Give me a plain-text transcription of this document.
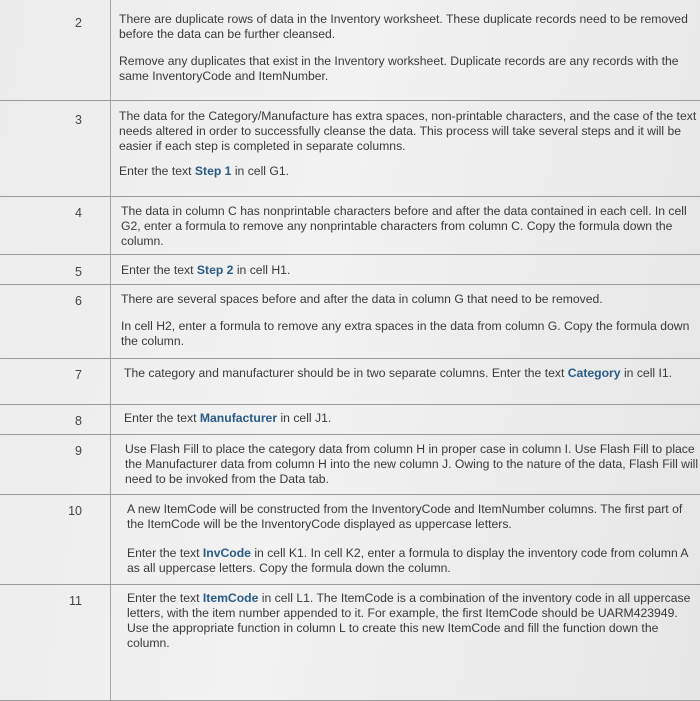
2	There are duplicate rows of data in the Inventory worksheet. These duplicate records need to be removed before the data can be further cleansed.

Remove any duplicates that exist in the Inventory worksheet. Duplicate records are any records with the same InventoryCode and ItemNumber.

3	The data for the Category/Manufacture has extra spaces, non-printable characters, and the case of the text needs altered in order to successfully cleanse the data. This process will take several steps and it will be easier if each step is completed in separate columns.

Enter the text Step 1 in cell G1.

4	The data in column C has nonprintable characters before and after the data contained in each cell. In cell G2, enter a formula to remove any nonprintable characters from column C. Copy the formula down the column.

5	Enter the text Step 2 in cell H1.

6	There are several spaces before and after the data in column G that need to be removed.

In cell H2, enter a formula to remove any extra spaces in the data from column G. Copy the formula down the column.

7	The category and manufacturer should be in two separate columns. Enter the text Category in cell I1.

8	Enter the text Manufacturer in cell J1.

9	Use Flash Fill to place the category data from column H in proper case in column I. Use Flash Fill to place the Manufacturer data from column H into the new column J. Owing to the nature of the data, Flash Fill will need to be invoked from the Data tab.

10	A new ItemCode will be constructed from the InventoryCode and ItemNumber columns. The first part of the ItemCode will be the InventoryCode displayed as uppercase letters.

Enter the text InvCode in cell K1. In cell K2, enter a formula to display the inventory code from column A as all uppercase letters. Copy the formula down the column.

11	Enter the text ItemCode in cell L1. The ItemCode is a combination of the inventory code in all uppercase letters, with the item number appended to it. For example, the first ItemCode should be UARM423949. Use the appropriate function in column L to create this new ItemCode and fill the function down the column.
